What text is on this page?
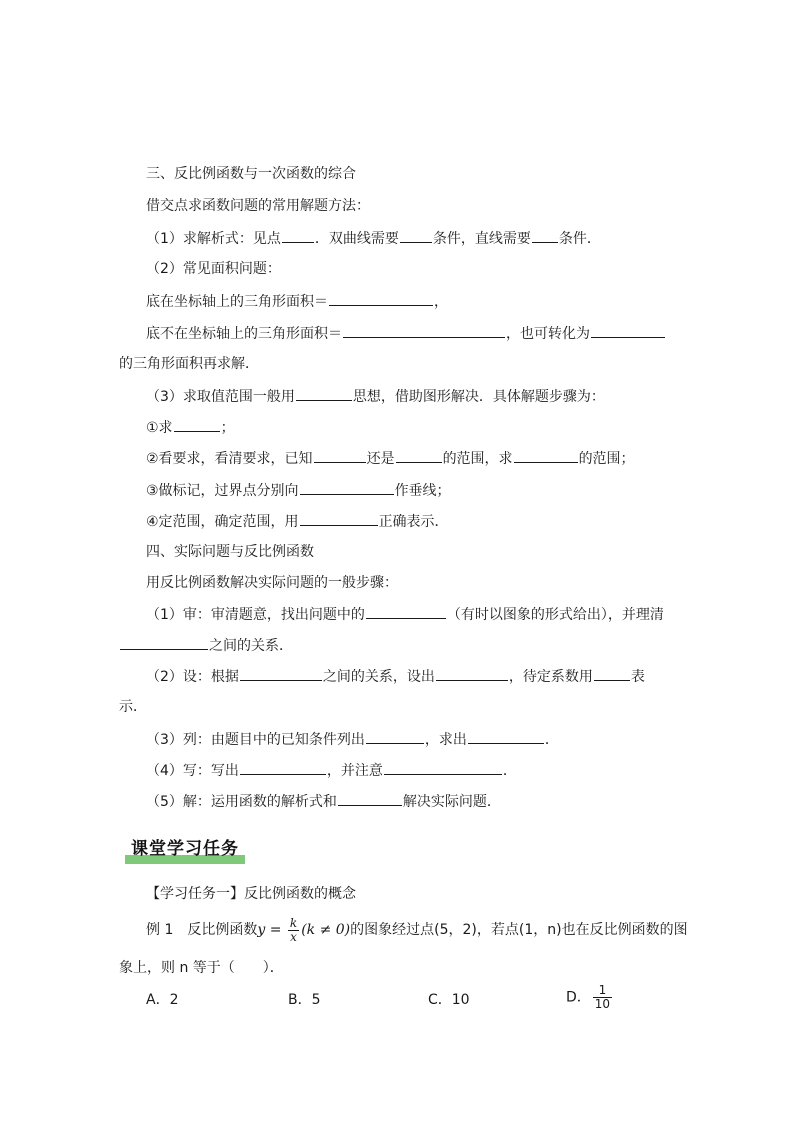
三、反比例函数与一次函数的综合
借交点求函数问题的常用解题方法：
（1）求解析式：见点 ．双曲线需要 条件，直线需要 条件．
（2）常见面积问题：
底在坐标轴上的三角形面积＝	，
底不在坐标轴上的三角形面积＝	，也可转化为
的三角形面积再求解．
（3）求取值范围一般用	思想，借助图形解决．具体解题步骤为：
①求	；
②看要求，看清要求，已知	还是	的范围，求	的范围；
③做标记，过界点分别向	作垂线；
④定范围，确定范围，用	正确表示．
四、实际问题与反比例函数
用反比例函数解决实际问题的一般步骤：
（1）审：审清题意，找出问题中的	（有时以图象的形式给出），并理清
之间的关系．
（2）设：根据	之间的关系，设出	，待定系数用	表
示．
（3）列：由题目中的已知条件列出	，求出	．
（4）写：写出	，并注意	．
（5）解：运用函数的解析式和	解决实际问题．
课堂学习任务
【学习任务一】反比例函数的概念
例 1　反比例函数$y = \frac{k}{x} (k \ne 0)$的图象经过点(5，2)，若点(1，n)也在反比例函数的图
象上，则 n 等于（　　）．
A．2	B．5	C．10	D． $\frac{1}{10}$
